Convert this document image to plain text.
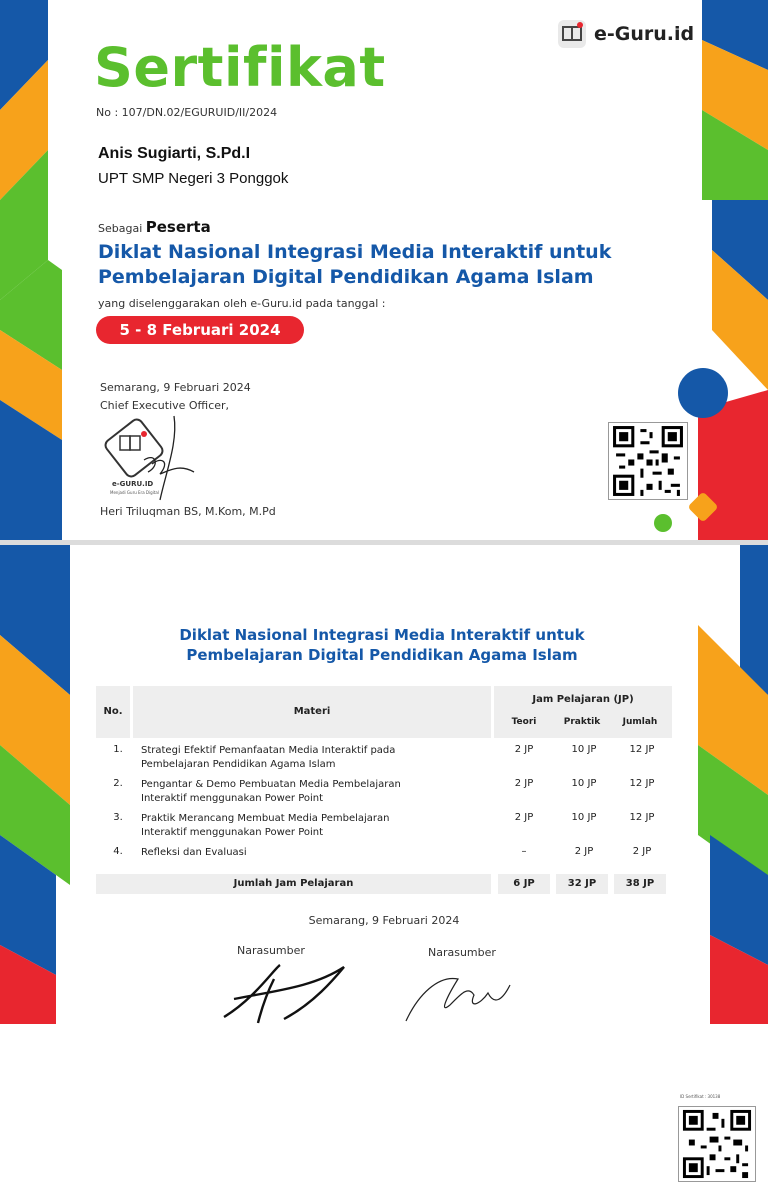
e-Guru.id
Sertifikat
No : 107/DN.02/EGURUID/II/2024
Anis Sugiarti, S.Pd.I
UPT SMP Negeri 3 Ponggok
Sebagai Peserta
Diklat Nasional Integrasi Media Interaktif untuk
Pembelajaran Digital Pendidikan Agama Islam
yang diselenggarakan oleh e-Guru.id pada tanggal :
5 - 8 Februari 2024
Semarang, 9 Februari 2024
Chief Executive Officer,
e-GURU.ID
Menjadi Guru Era Digital
Heri Triluqman BS, M.Kom, M.Pd
ID Sertifikat : 30138
Diklat Nasional Integrasi Media Interaktif untuk
Pembelajaran Digital Pendidikan Agama Islam
No.	Materi
Jam Pelajaran (JP)
Teori	Praktik	Jumlah
1.	Strategi Efektif Pemanfaatan Media Interaktif pada
Pembelajaran Pendidikan Agama Islam
2 JP	10 JP	12 JP
2.	Pengantar & Demo Pembuatan Media Pembelajaran
Interaktif menggunakan Power Point
2 JP	10 JP	12 JP
3.	Praktik Merancang Membuat Media Pembelajaran
Interaktif menggunakan Power Point
2 JP	10 JP	12 JP
4.	Refleksi dan Evaluasi	–	2 JP	2 JP
Jumlah Jam Pelajaran	6 JP	32 JP	38 JP
Semarang, 9 Februari 2024
Narasumber	Narasumber
